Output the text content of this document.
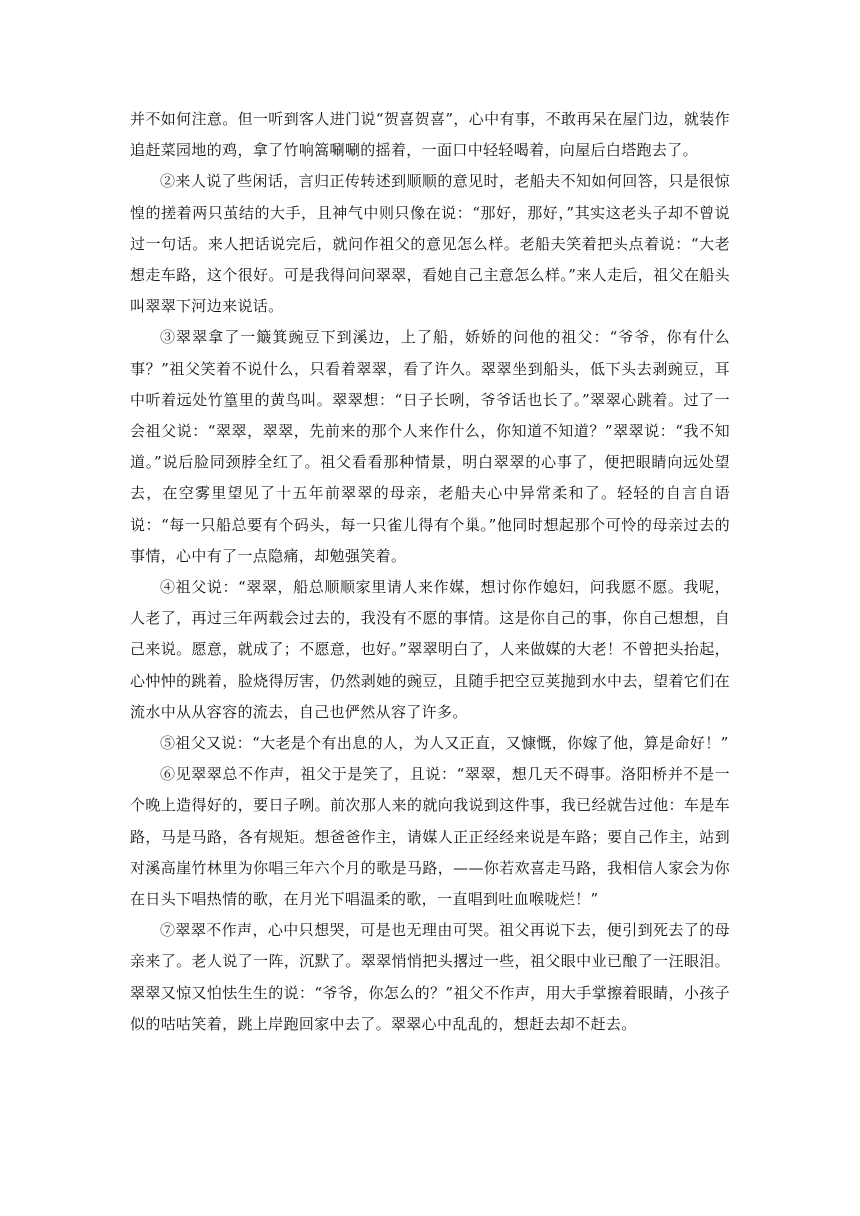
并不如何注意。但一听到客人进门说“贺喜贺喜”，心中有事，不敢再呆在屋门边，就装作追赶菜园地的鸡，拿了竹响篙唰唰的摇着，一面口中轻轻喝着，向屋后白塔跑去了。

②来人说了些闲话，言归正传转述到顺顺的意见时，老船夫不知如何回答，只是很惊惶的搓着两只茧结的大手，且神气中则只像在说：“那好，那好，”其实这老头子却不曾说过一句话。来人把话说完后，就问作祖父的意见怎么样。老船夫笑着把头点着说：“大老想走车路，这个很好。可是我得问问翠翠，看她自己主意怎么样。”来人走后，祖父在船头叫翠翠下河边来说话。

③翠翠拿了一簸箕豌豆下到溪边，上了船，娇娇的问他的祖父：“爷爷，你有什么事？”祖父笑着不说什么，只看着翠翠，看了许久。翠翠坐到船头，低下头去剥豌豆，耳中听着远处竹篁里的黄鸟叫。翠翠想：“日子长咧，爷爷话也长了。”翠翠心跳着。过了一会祖父说：“翠翠，翠翠，先前来的那个人来作什么，你知道不知道？”翠翠说：“我不知道。”说后脸同颈脖全红了。祖父看看那种情景，明白翠翠的心事了，便把眼睛向远处望去，在空雾里望见了十五年前翠翠的母亲，老船夫心中异常柔和了。轻轻的自言自语说：“每一只船总要有个码头，每一只雀儿得有个巢。”他同时想起那个可怜的母亲过去的事情，心中有了一点隐痛，却勉强笑着。

④祖父说：“翠翠，船总顺顺家里请人来作媒，想讨你作媳妇，问我愿不愿。我呢，人老了，再过三年两载会过去的，我没有不愿的事情。这是你自己的事，你自己想想，自己来说。愿意，就成了；不愿意，也好。”翠翠明白了，人来做媒的大老！不曾把头抬起，心忡忡的跳着，脸烧得厉害，仍然剥她的豌豆，且随手把空豆荚抛到水中去，望着它们在流水中从从容容的流去，自己也俨然从容了许多。

⑤祖父又说：“大老是个有出息的人，为人又正直，又慷慨，你嫁了他，算是命好！”

⑥见翠翠总不作声，祖父于是笑了，且说：“翠翠，想几天不碍事。洛阳桥并不是一个晚上造得好的，要日子咧。前次那人来的就向我说到这件事，我已经就告过他：车是车路，马是马路，各有规矩。想爸爸作主，请媒人正正经经来说是车路；要自己作主，站到对溪高崖竹林里为你唱三年六个月的歌是马路，——你若欢喜走马路，我相信人家会为你在日头下唱热情的歌，在月光下唱温柔的歌，一直唱到吐血喉咙烂！”

⑦翠翠不作声，心中只想哭，可是也无理由可哭。祖父再说下去，便引到死去了的母亲来了。老人说了一阵，沉默了。翠翠悄悄把头撂过一些，祖父眼中业已酿了一汪眼泪。翠翠又惊又怕怯生生的说：“爷爷，你怎么的？”祖父不作声，用大手掌擦着眼睛，小孩子似的咕咕笑着，跳上岸跑回家中去了。翠翠心中乱乱的，想赶去却不赶去。
